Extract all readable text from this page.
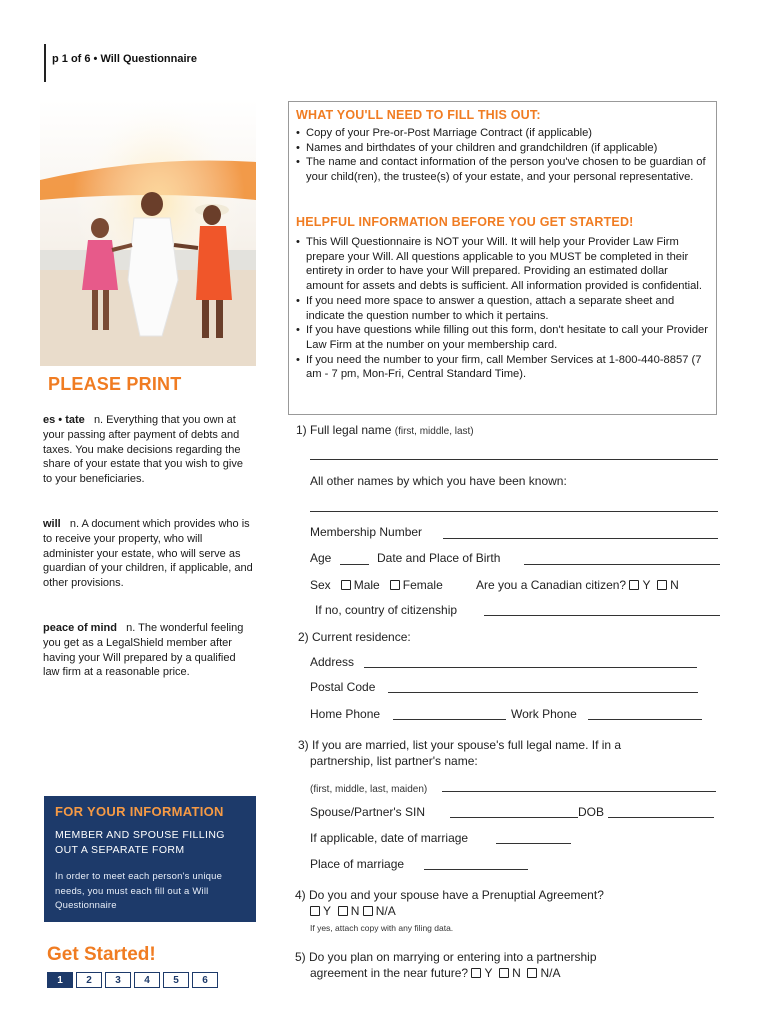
p 1 of 6 • Will Questionnaire
PLEASE PRINT
es • tate n. Everything that you own at your passing after payment of debts and taxes. You make decisions regarding the share of your estate that you wish to give to your beneficiaries.
will n. A document which provides who is to receive your property, who will administer your estate, who will serve as guardian of your children, if applicable, and other provisions.
peace of mind n. The wonderful feeling you get as a LegalShield member after having your Will prepared by a qualified law firm at a reasonable price.
FOR YOUR INFORMATION
MEMBER AND SPOUSE FILLING OUT A SEPARATE FORM
In order to meet each person's unique needs, you must each fill out a Will Questionnaire
Get Started!
1	2	3	4	5	6
WHAT YOU'LL NEED TO FILL THIS OUT:
• Copy of your Pre-or-Post Marriage Contract (if applicable)
• Names and birthdates of your children and grandchildren (if applicable)
• The name and contact information of the person you've chosen to be guardian of your child(ren), the trustee(s) of your estate, and your personal representative.
HELPFUL INFORMATION BEFORE YOU GET STARTED!
• This Will Questionnaire is NOT your Will. It will help your Provider Law Firm prepare your Will. All questions applicable to you MUST be completed in their entirety in order to have your Will prepared. Providing an estimated dollar amount for assets and debts is sufficient. All information provided is confidential.
• If you need more space to answer a question, attach a separate sheet and indicate the question number to which it pertains.
• If you have questions while filling out this form, don't hesitate to call your Provider Law Firm at the number on your membership card.
• If you need the number to your firm, call Member Services at 1-800-440-8857 (7 am - 7 pm, Mon-Fri, Central Standard Time).
1) Full legal name (first, middle, last)
All other names by which you have been known:
Membership Number
Age	Date and Place of Birth
Sex Male Female	Are you a Canadian citizen? Y N
If no, country of citizenship
2) Current residence:
Address
Postal Code
Home Phone	Work Phone
3) If you are married, list your spouse's full legal name. If in a
partnership, list partner's name:
(first, middle, last, maiden)
Spouse/Partner's SIN	DOB
If applicable, date of marriage
Place of marriage
4) Do you and your spouse have a Prenuptial Agreement?
Y N N/A
If yes, attach copy with any filing data.
5) Do you plan on marrying or entering into a partnership
agreement in the near future? Y N N/A
